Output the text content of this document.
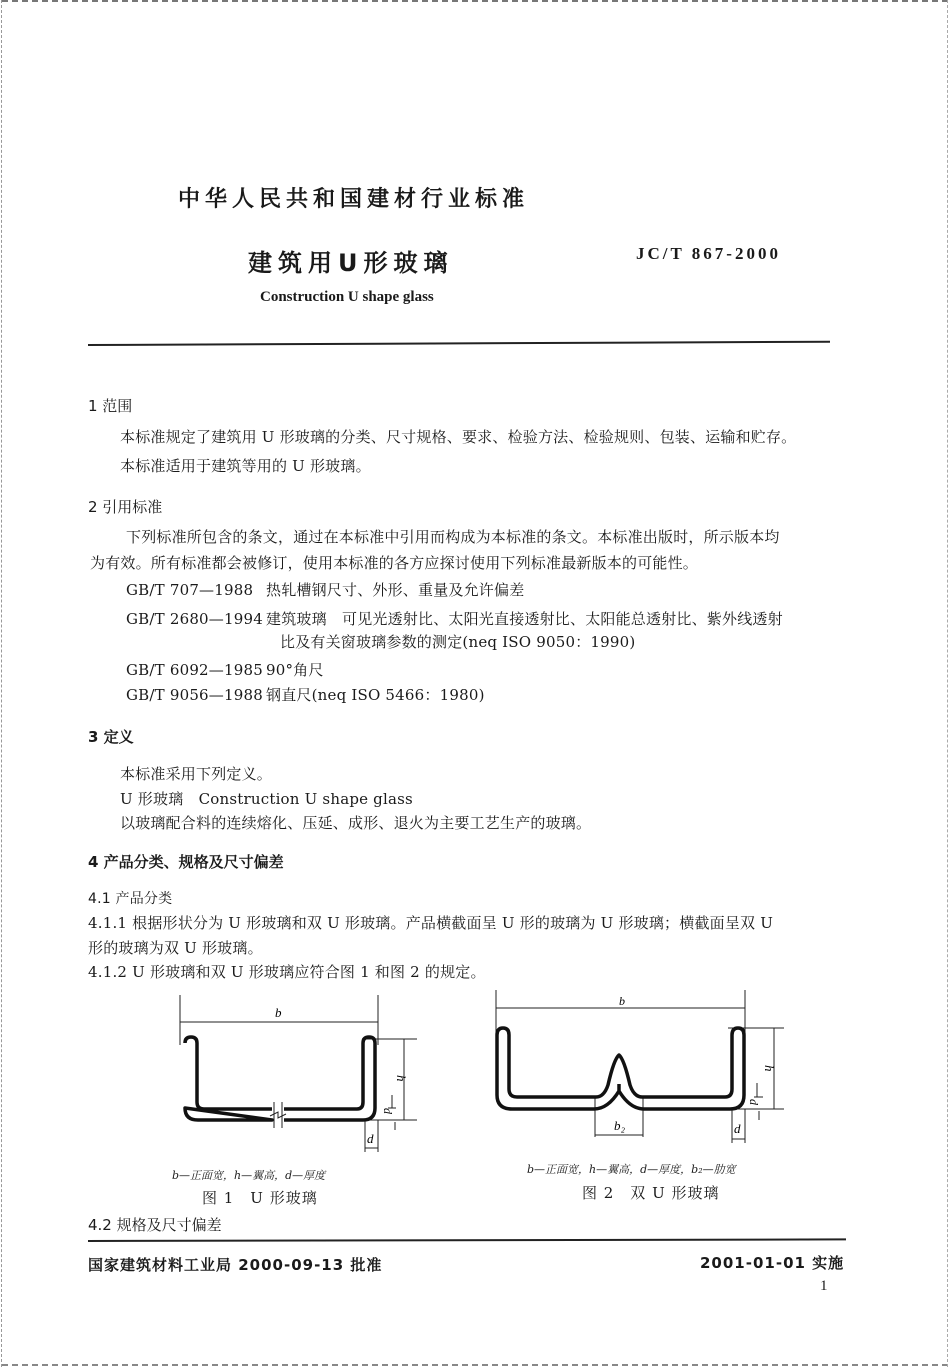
中华人民共和国建材行业标准
建筑用U形玻璃	JC/T 867-2000
Construction U shape glass
1 范围
本标准规定了建筑用 U 形玻璃的分类、尺寸规格、要求、检验方法、检验规则、包装、运输和贮存。
本标准适用于建筑等用的 U 形玻璃。
2 引用标准
下列标准所包含的条文，通过在本标准中引用而构成为本标准的条文。本标准出版时，所示版本均
为有效。所有标准都会被修订，使用本标准的各方应探讨使用下列标准最新版本的可能性。
GB/T 707—1988 热轧槽钢尺寸、外形、重量及允许偏差
GB/T 2680—1994 建筑玻璃　可见光透射比、太阳光直接透射比、太阳能总透射比、紫外线透射
比及有关窗玻璃参数的测定(neq ISO 9050：1990)
GB/T 6092—1985 90°角尺
GB/T 9056—1988 钢直尺(neq ISO 5466：1980)
3 定义
本标准采用下列定义。
U 形玻璃　Construction U shape glass
以玻璃配合料的连续熔化、压延、成形、退火为主要工艺生产的玻璃。
4 产品分类、规格及尺寸偏差
4.1 产品分类
4.1.1 根据形状分为 U 形玻璃和双 U 形玻璃。产品横截面呈 U 形的玻璃为 U 形玻璃；横截面呈双 U
形的玻璃为双 U 形玻璃。
4.1.2 U 形玻璃和双 U 形玻璃应符合图 1 和图 2 的规定。
b
h
d
d
b—正面宽，h—翼高，d—厚度
图 1　U 形玻璃
b
h
d
d
b₂
b—正面宽，h—翼高，d—厚度，b₂—肋宽
图 2　双 U 形玻璃
4.2 规格及尺寸偏差
国家建筑材料工业局 2000-09-13 批准	2001-01-01 实施
1
